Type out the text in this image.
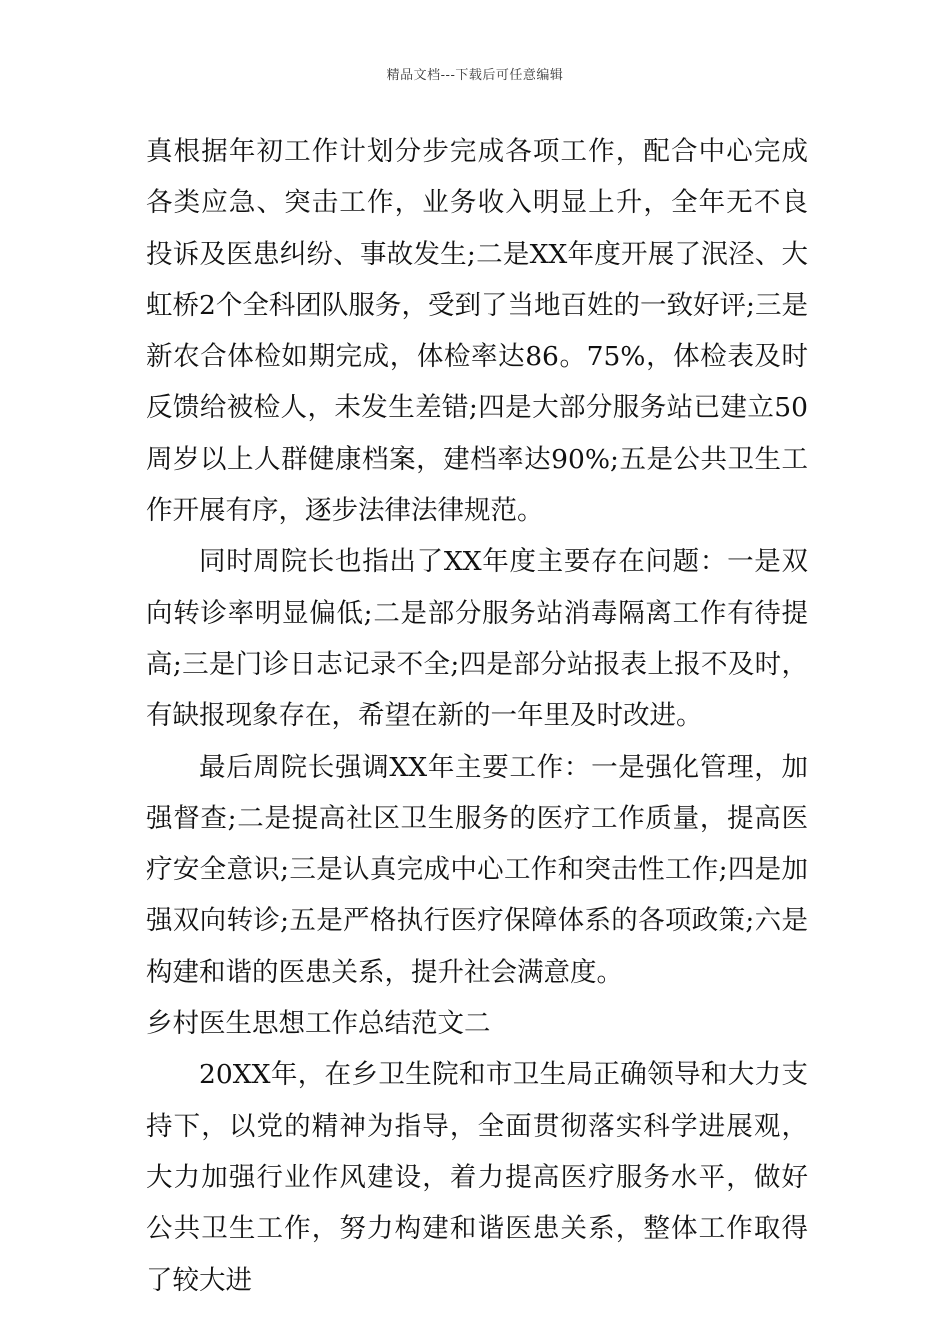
精品文档---下载后可任意编辑

真根据年初工作计划分步完成各项工作，配合中心完成各类应急、突击工作，业务收入明显上升，全年无不良投诉及医患纠纷、事故发生;二是XX年度开展了泯泾、大虹桥2个全科团队服务，受到了当地百姓的一致好评;三是新农合体检如期完成，体检率达86。75%，体检表及时反馈给被检人，未发生差错;四是大部分服务站已建立50周岁以上人群健康档案，建档率达90%;五是公共卫生工作开展有序，逐步法律法律规范。

同时周院长也指出了XX年度主要存在问题：一是双向转诊率明显偏低;二是部分服务站消毒隔离工作有待提高;三是门诊日志记录不全;四是部分站报表上报不及时，有缺报现象存在，希望在新的一年里及时改进。

最后周院长强调XX年主要工作：一是强化管理，加强督查;二是提高社区卫生服务的医疗工作质量，提高医疗安全意识;三是认真完成中心工作和突击性工作;四是加强双向转诊;五是严格执行医疗保障体系的各项政策;六是构建和谐的医患关系，提升社会满意度。

乡村医生思想工作总结范文二

20XX年，在乡卫生院和市卫生局正确领导和大力支持下，以党的精神为指导，全面贯彻落实科学进展观，大力加强行业作风建设，着力提高医疗服务水平，做好公共卫生工作，努力构建和谐医患关系，整体工作取得了较大进
